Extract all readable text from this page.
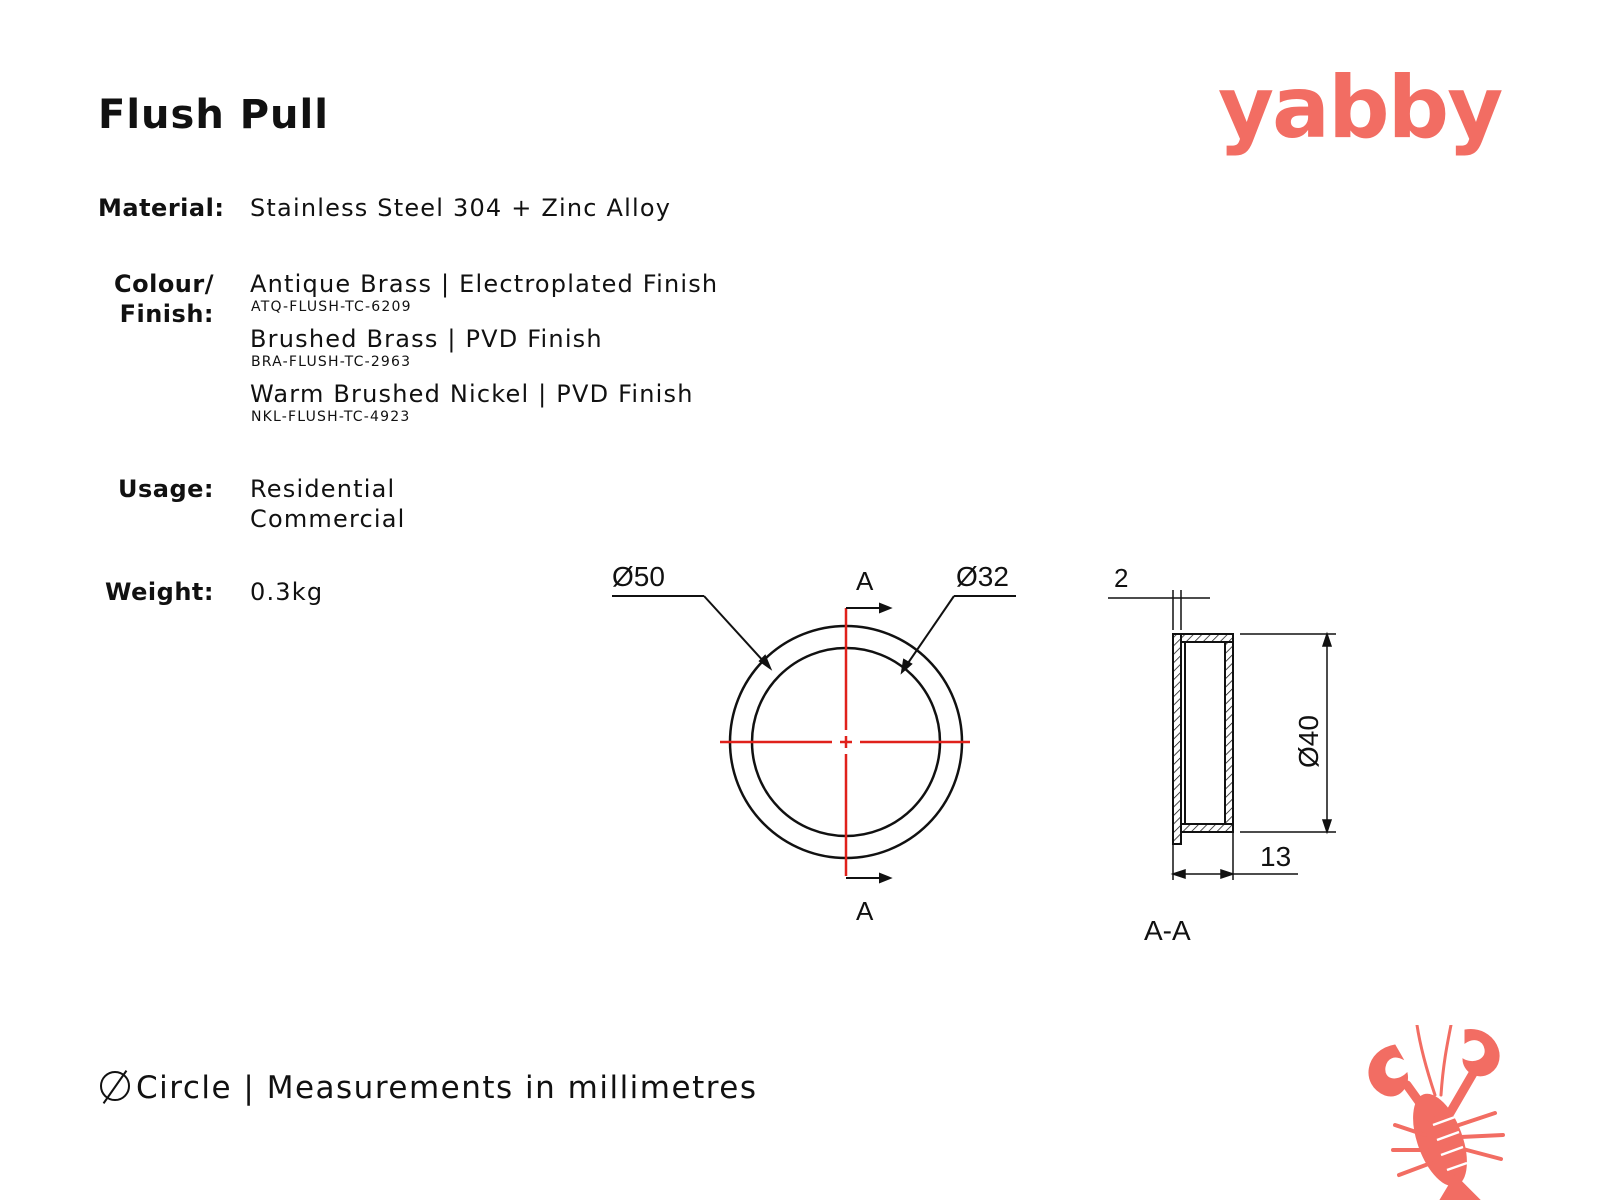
Flush Pull	yabby
Material: Stainless Steel 304 + Zinc Alloy
Colour/
Finish:
Antique Brass | Electroplated Finish
ATQ-FLUSH-TC-6209
Brushed Brass | PVD Finish
BRA-FLUSH-TC-2963
Warm Brushed Nickel | PVD Finish
NKL-FLUSH-TC-4923
Usage: Residential
Commercial
Weight: 0.3kg	A
A
Ø50	Ø32	2
Ø40
13
A-A
Circle | Measurements in millimetres
